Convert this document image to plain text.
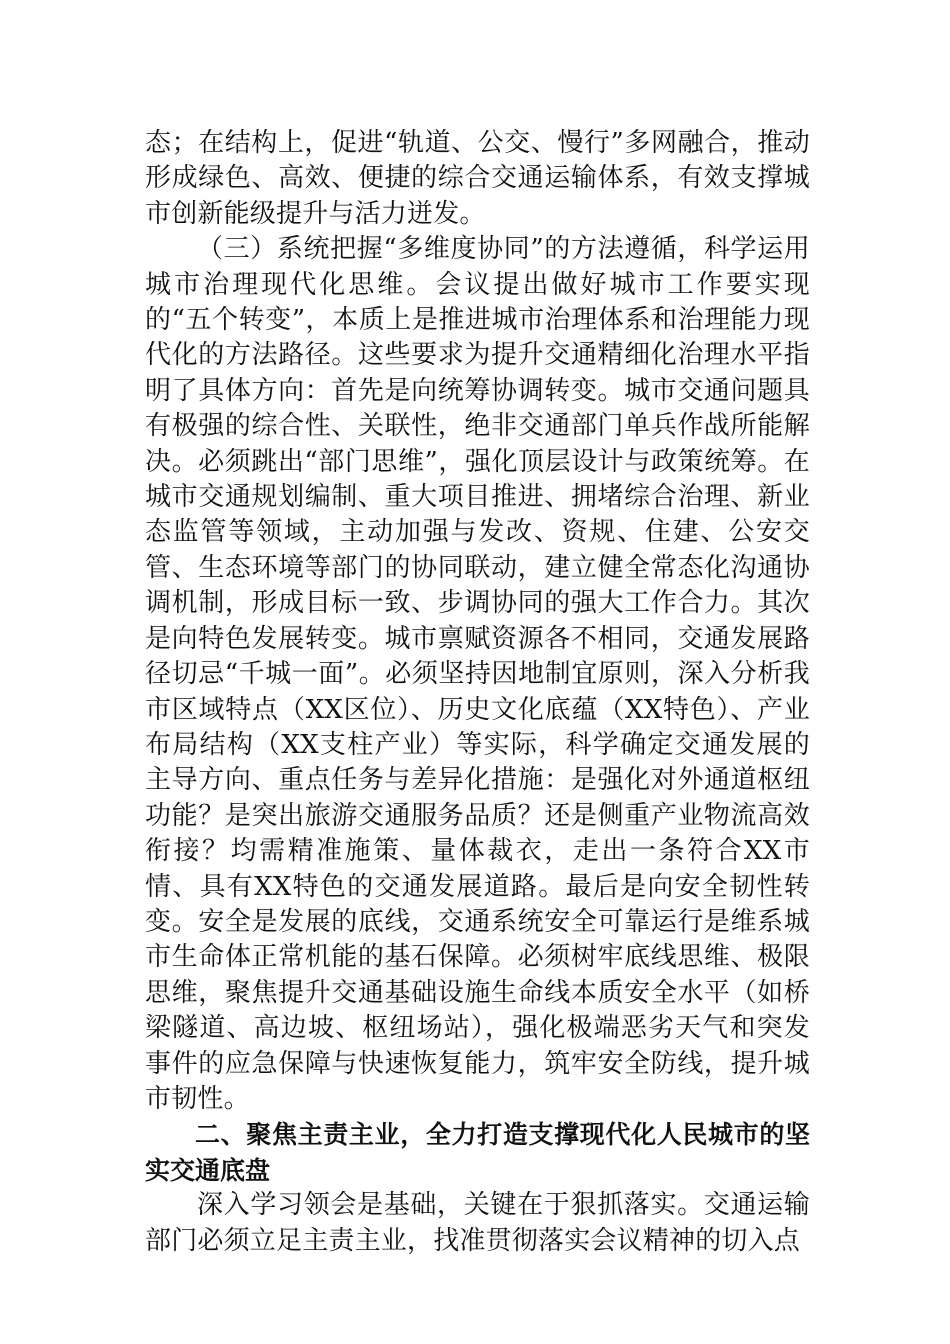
态；在结构上，促进“轨道、公交、慢行”多网融合，推动形成绿色、高效、便捷的综合交通运输体系，有效支撑城市创新能级提升与活力迸发。

（三）系统把握“多维度协同”的方法遵循，科学运用城市治理现代化思维。会议提出做好城市工作要实现的“五个转变”，本质上是推进城市治理体系和治理能力现代化的方法路径。这些要求为提升交通精细化治理水平指明了具体方向：首先是向统筹协调转变。城市交通问题具有极强的综合性、关联性，绝非交通部门单兵作战所能解决。必须跳出“部门思维”，强化顶层设计与政策统筹。在城市交通规划编制、重大项目推进、拥堵综合治理、新业态监管等领域，主动加强与发改、资规、住建、公安交管、生态环境等部门的协同联动，建立健全常态化沟通协调机制，形成目标一致、步调协同的强大工作合力。其次是向特色发展转变。城市禀赋资源各不相同，交通发展路径切忌“千城一面”。必须坚持因地制宜原则，深入分析我市区域特点（XX区位）、历史文化底蕴（XX特色）、产业布局结构（XX支柱产业）等实际，科学确定交通发展的主导方向、重点任务与差异化措施：是强化对外通道枢纽功能？是突出旅游交通服务品质？还是侧重产业物流高效衔接？均需精准施策、量体裁衣，走出一条符合XX市情、具有XX特色的交通发展道路。最后是向安全韧性转变。安全是发展的底线，交通系统安全可靠运行是维系城市生命体正常机能的基石保障。必须树牢底线思维、极限思维，聚焦提升交通基础设施生命线本质安全水平（如桥梁隧道、高边坡、枢纽场站），强化极端恶劣天气和突发事件的应急保障与快速恢复能力，筑牢安全防线，提升城市韧性。

二、聚焦主责主业，全力打造支撑现代化人民城市的坚实交通底盘

深入学习领会是基础，关键在于狠抓落实。交通运输部门必须立足主责主业，找准贯彻落实会议精神的切入点
